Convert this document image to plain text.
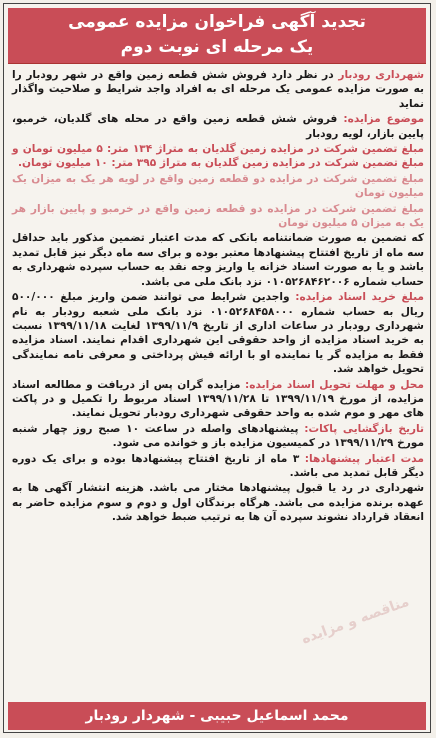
تجدید آگهی فراخوان مزایده عمومی
یک مرحله ای نوبت دوم

شهرداری رودبار در نظر دارد فروش شش قطعه زمین واقع در شهر رودبار را به صورت مزایده عمومی یک مرحله ای به افراد واجد شرایط و صلاحیت واگذار نماید

موضوع مزایده: فروش شش قطعه زمین واقع در محله های گلدیان، خرمبو، پایین بازار، لویه رودبار

مبلغ تضمین شرکت در مزایده زمین گلدیان به متراژ ۱۳۴ متر: ۵ میلیون تومان و مبلغ تضمین شرکت در مزایده زمین گلدیان به متراژ ۳۹۵ متر: ۱۰ میلیون تومان.

مبلغ تضمین شرکت در مزایده دو قطعه زمین واقع در لویه هر یک به میزان یک میلیون تومان

مبلغ تضمین شرکت در مزایده دو قطعه زمین واقع در خرمبو و پایین بازار هر یک به میزان ۵ میلیون تومان

که تضمین به صورت ضمانتنامه بانکی که مدت اعتبار تضمین مذکور باید حداقل سه ماه از تاریخ افتتاح پیشنهادها معتبر بوده و برای سه ماه دیگر نیز قابل تمدید باشد و یا به صورت اسناد خزانه یا واریز وجه نقد به حساب سپرده شهرداری به حساب شماره ۰۱۰۵۲۶۸۴۶۲۰۰۶ نزد بانک ملی می باشد.

مبلغ خرید اسناد مزایده: واجدین شرایط می توانند ضمن واریز مبلغ ۵۰۰/۰۰۰ ریال به حساب شماره ۰۱۰۵۲۶۸۴۵۸۰۰۰ نزد بانک ملی شعبه رودبار به نام شهرداری رودبار در ساعات اداری از تاریخ ۱۳۹۹/۱۱/۹ لغایت ۱۳۹۹/۱۱/۱۸ نسبت به خرید اسناد مزایده از واحد حقوقی این شهرداری اقدام نمایند. اسناد مزایده فقط به مزایده گر یا نماینده او با ارائه فیش پرداختی و معرفی نامه نمایندگی تحویل خواهد شد.

محل و مهلت تحویل اسناد مزایده: مزایده گران پس از دریافت و مطالعه اسناد مزایده، از مورخ ۱۳۹۹/۱۱/۱۹ تا ۱۳۹۹/۱۱/۲۸ اسناد مربوط را تکمیل و در پاکت های مهر و موم شده به واحد حقوقی شهرداری رودبار تحویل نمایند.

تاریخ بازگشایی پاکات: پیشنهادهای واصله در ساعت ۱۰ صبح روز چهار شنبه مورخ ۱۳۹۹/۱۱/۲۹ در کمیسیون مزایده باز و خوانده می شود.

مدت اعتبار پیشنهادها: ۳ ماه از تاریخ افتتاح پیشنهادها بوده و برای یک دوره دیگر قابل تمدید می باشد.

شهرداری در رد یا قبول پیشنهادها مختار می باشد. هزینه انتشار آگهی ها به عهده برنده مزایده می باشد. هرگاه برندگان اول و دوم و سوم مزایده حاضر به انعقاد قرارداد نشوند سپرده آن ها به ترتیب ضبط خواهد شد.

مناقصه و مزایده
محمد اسماعیل حبیبی - شهردار رودبار
